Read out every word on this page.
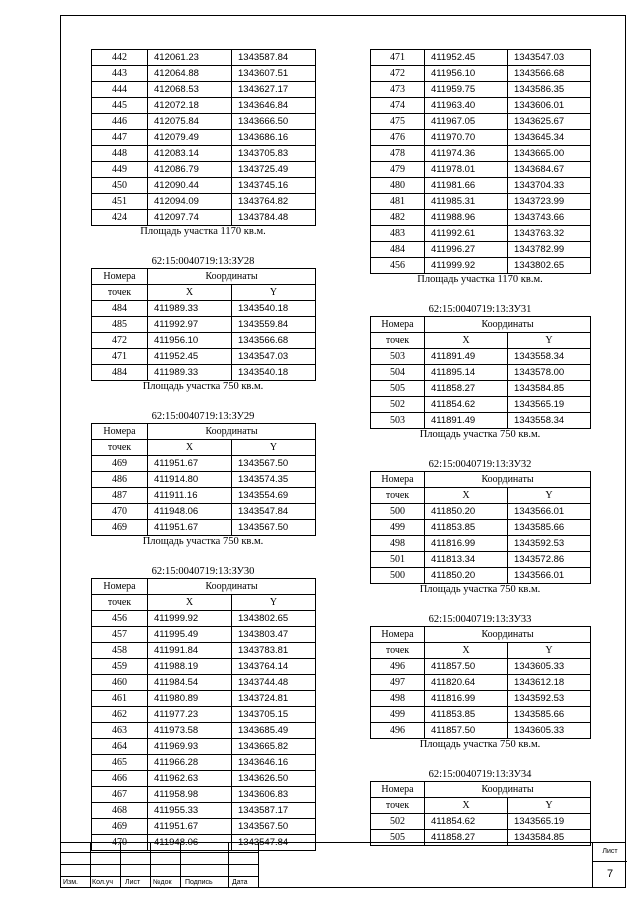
442	412061.23	1343587.84
443	412064.88	1343607.51
444	412068.53	1343627.17
445	412072.18	1343646.84
446	412075.84	1343666.50
447	412079.49	1343686.16
448	412083.14	1343705.83
449	412086.79	1343725.49
450	412090.44	1343745.16
451	412094.09	1343764.82
424	412097.74	1343784.48
Площадь участка 1170 кв.м.
62:15:0040719:13:ЗУ28
Номера	Координаты	
точек	X	Y
484	411989.33	1343540.18
485	411992.97	1343559.84
472	411956.10	1343566.68
471	411952.45	1343547.03
484	411989.33	1343540.18
Площадь участка 750 кв.м.
62:15:0040719:13:ЗУ29
Номера	Координаты	
точек	X	Y
469	411951.67	1343567.50
486	411914.80	1343574.35
487	411911.16	1343554.69
470	411948.06	1343547.84
469	411951.67	1343567.50
Площадь участка 750 кв.м.
62:15:0040719:13:ЗУ30
Номера	Координаты	
точек	X	Y
456	411999.92	1343802.65
457	411995.49	1343803.47
458	411991.84	1343783.81
459	411988.19	1343764.14
460	411984.54	1343744.48
461	411980.89	1343724.81
462	411977.23	1343705.15
463	411973.58	1343685.49
464	411969.93	1343665.82
465	411966.28	1343646.16
466	411962.63	1343626.50
467	411958.98	1343606.83
468	411955.33	1343587.17
469	411951.67	1343567.50
470	411948.06	1343547.84
471	411952.45	1343547.03
472	411956.10	1343566.68
473	411959.75	1343586.35
474	411963.40	1343606.01
475	411967.05	1343625.67
476	411970.70	1343645.34
478	411974.36	1343665.00
479	411978.01	1343684.67
480	411981.66	1343704.33
481	411985.31	1343723.99
482	411988.96	1343743.66
483	411992.61	1343763.32
484	411996.27	1343782.99
456	411999.92	1343802.65
Площадь участка 1170 кв.м.
62:15:0040719:13:ЗУ31
Номера	Координаты	
точек	X	Y
503	411891.49	1343558.34
504	411895.14	1343578.00
505	411858.27	1343584.85
502	411854.62	1343565.19
503	411891.49	1343558.34
Площадь участка 750 кв.м.
62:15:0040719:13:ЗУ32
Номера	Координаты	
точек	X	Y
500	411850.20	1343566.01
499	411853.85	1343585.66
498	411816.99	1343592.53
501	411813.34	1343572.86
500	411850.20	1343566.01
Площадь участка 750 кв.м.
62:15:0040719:13:ЗУ33
Номера	Координаты	
точек	X	Y
496	411857.50	1343605.33
497	411820.64	1343612.18
498	411816.99	1343592.53
499	411853.85	1343585.66
496	411857.50	1343605.33
Площадь участка 750 кв.м.
62:15:0040719:13:ЗУ34
Номера	Координаты	
точек	X	Y
502	411854.62	1343565.19
505	411858.27	1343584.85
Изм. Кол.уч Лист №док Подпись	Дата
Лист
7
